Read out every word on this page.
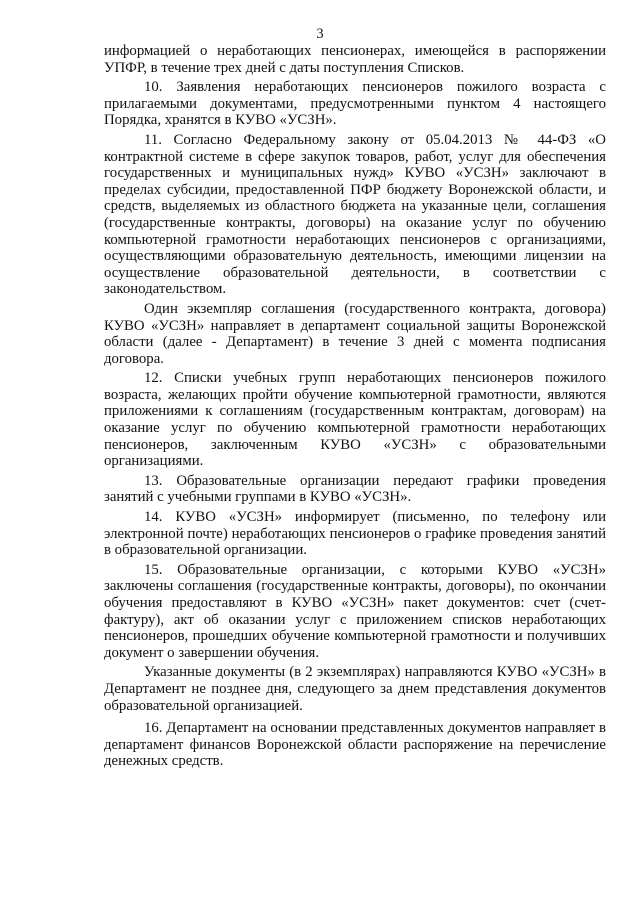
3

информацией о неработающих пенсионерах, имеющейся в распоряжении УПФР, в течение трех дней с даты поступления Списков.

10. Заявления неработающих пенсионеров пожилого возраста с прилагаемыми документами, предусмотренными пунктом 4 настоящего Порядка, хранятся в КУВО «УСЗН».

11. Согласно Федеральному закону от 05.04.2013 № 44-ФЗ «О контрактной системе в сфере закупок товаров, работ, услуг для обеспечения государственных и муниципальных нужд» КУВО «УСЗН» заключают в пределах субсидии, предоставленной ПФР бюджету Воронежской области, и средств, выделяемых из областного бюджета на указанные цели, соглашения (государственные контракты, договоры) на оказание услуг по обучению компьютерной грамотности неработающих пенсионеров с организациями, осуществляющими образовательную деятельность, имеющими лицензии на осуществление образовательной деятельности, в соответствии с законодательством.

Один экземпляр соглашения (государственного контракта, договора) КУВО «УСЗН» направляет в департамент социальной защиты Воронежской области (далее - Департамент) в течение 3 дней с момента подписания договора.

12. Списки учебных групп неработающих пенсионеров пожилого возраста, желающих пройти обучение компьютерной грамотности, являются приложениями к соглашениям (государственным контрактам, договорам) на оказание услуг по обучению компьютерной грамотности неработающих пенсионеров, заключенным КУВО «УСЗН» с образовательными организациями.

13. Образовательные организации передают графики проведения занятий с учебными группами в КУВО «УСЗН».

14. КУВО «УСЗН» информирует (письменно, по телефону или электронной почте) неработающих пенсионеров о графике проведения занятий в образовательной организации.

15. Образовательные организации, с которыми КУВО «УСЗН» заключены соглашения (государственные контракты, договоры), по окончании обучения предоставляют в КУВО «УСЗН» пакет документов: счет (счет-фактуру), акт об оказании услуг с приложением списков неработающих пенсионеров, прошедших обучение компьютерной грамотности и получивших документ о завершении обучения.

Указанные документы (в 2 экземплярах) направляются КУВО «УСЗН» в Департамент не позднее дня, следующего за днем представления документов образовательной организацией.

16. Департамент на основании представленных документов направляет в департамент финансов Воронежской области распоряжение на перечисление денежных средств.
